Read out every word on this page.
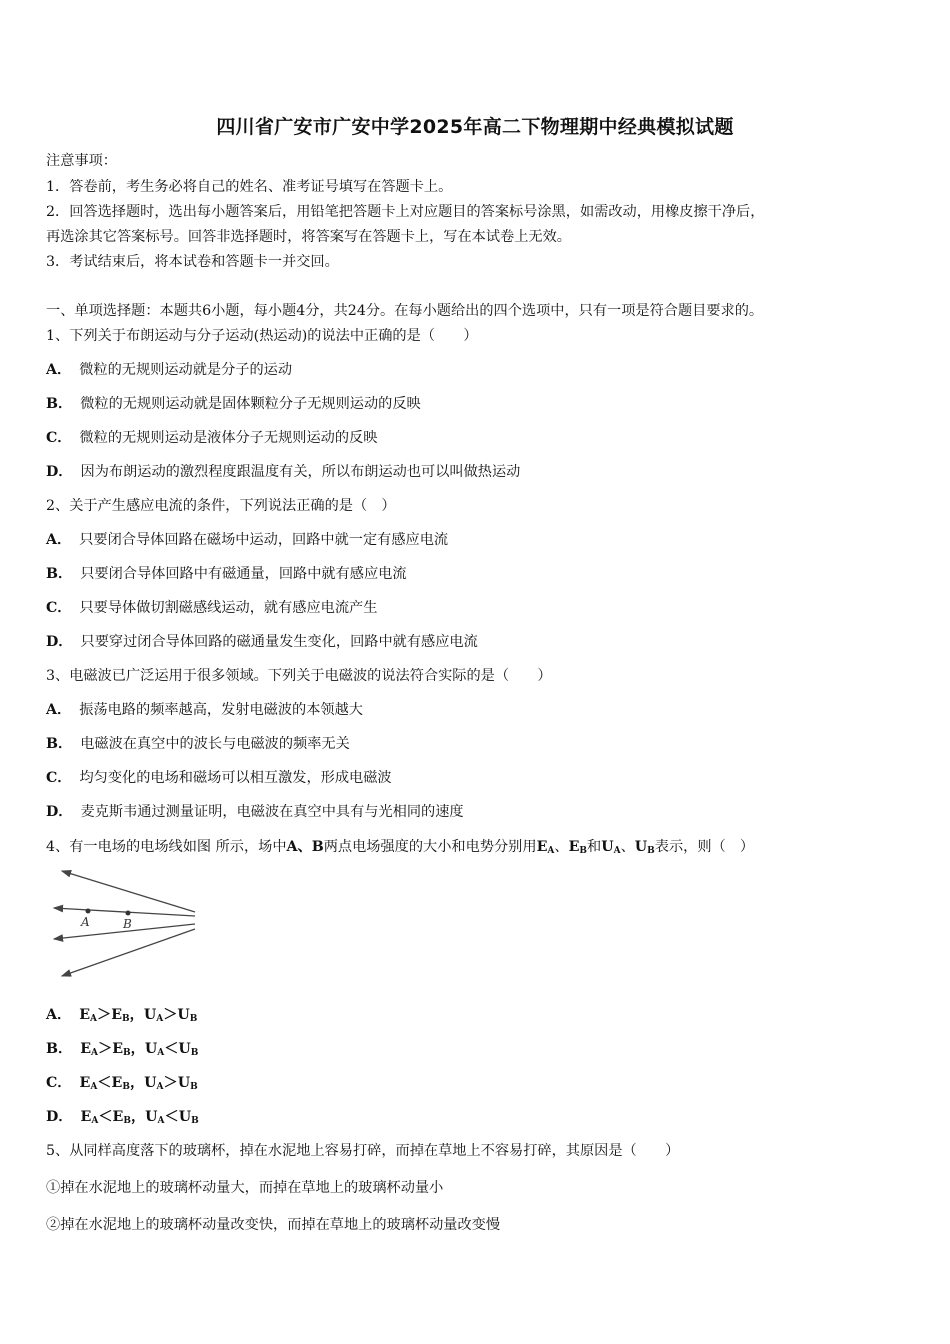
四川省广安市广安中学2025年高二下物理期中经典模拟试题
注意事项：
1．答卷前，考生务必将自己的姓名、准考证号填写在答题卡上。
2．回答选择题时，选出每小题答案后，用铅笔把答题卡上对应题目的答案标号涂黑，如需改动，用橡皮擦干净后，
再选涂其它答案标号。回答非选择题时，将答案写在答题卡上，写在本试卷上无效。
3．考试结束后，将本试卷和答题卡一并交回。
一、单项选择题：本题共6小题，每小题4分，共24分。在每小题给出的四个选项中，只有一项是符合题目要求的。
1、下列关于布朗运动与分子运动(热运动)的说法中正确的是（　　）
A． 微粒的无规则运动就是分子的运动
B． 微粒的无规则运动就是固体颗粒分子无规则运动的反映
C． 微粒的无规则运动是液体分子无规则运动的反映
D． 因为布朗运动的激烈程度跟温度有关，所以布朗运动也可以叫做热运动
2、关于产生感应电流的条件，下列说法正确的是（　）
A． 只要闭合导体回路在磁场中运动，回路中就一定有感应电流
B． 只要闭合导体回路中有磁通量，回路中就有感应电流
C． 只要导体做切割磁感线运动，就有感应电流产生
D． 只要穿过闭合导体回路的磁通量发生变化，回路中就有感应电流
3、电磁波已广泛运用于很多领域。下列关于电磁波的说法符合实际的是（　　）
A． 振荡电路的频率越高，发射电磁波的本领越大
B． 电磁波在真空中的波长与电磁波的频率无关
C． 均匀变化的电场和磁场可以相互激发，形成电磁波
D． 麦克斯韦通过测量证明，电磁波在真空中具有与光相同的速度
4、有一电场的电场线如图 所示，场中A、B两点电场强度的大小和电势分别用$E_A$、$E_B$和$U_A$、$U_B$表示，则（　）
A	B
A． $E_A>E_B$，$U_A>U_B$
B． $E_A>E_B$，$U_A<U_B$
C． $E_A<E_B$，$U_A>U_B$
D． $E_A<E_B$，$U_A<U_B$
5、从同样高度落下的玻璃杯，掉在水泥地上容易打碎，而掉在草地上不容易打碎，其原因是（　　）
①掉在水泥地上的玻璃杯动量大，而掉在草地上的玻璃杯动量小
②掉在水泥地上的玻璃杯动量改变快，而掉在草地上的玻璃杯动量改变慢
